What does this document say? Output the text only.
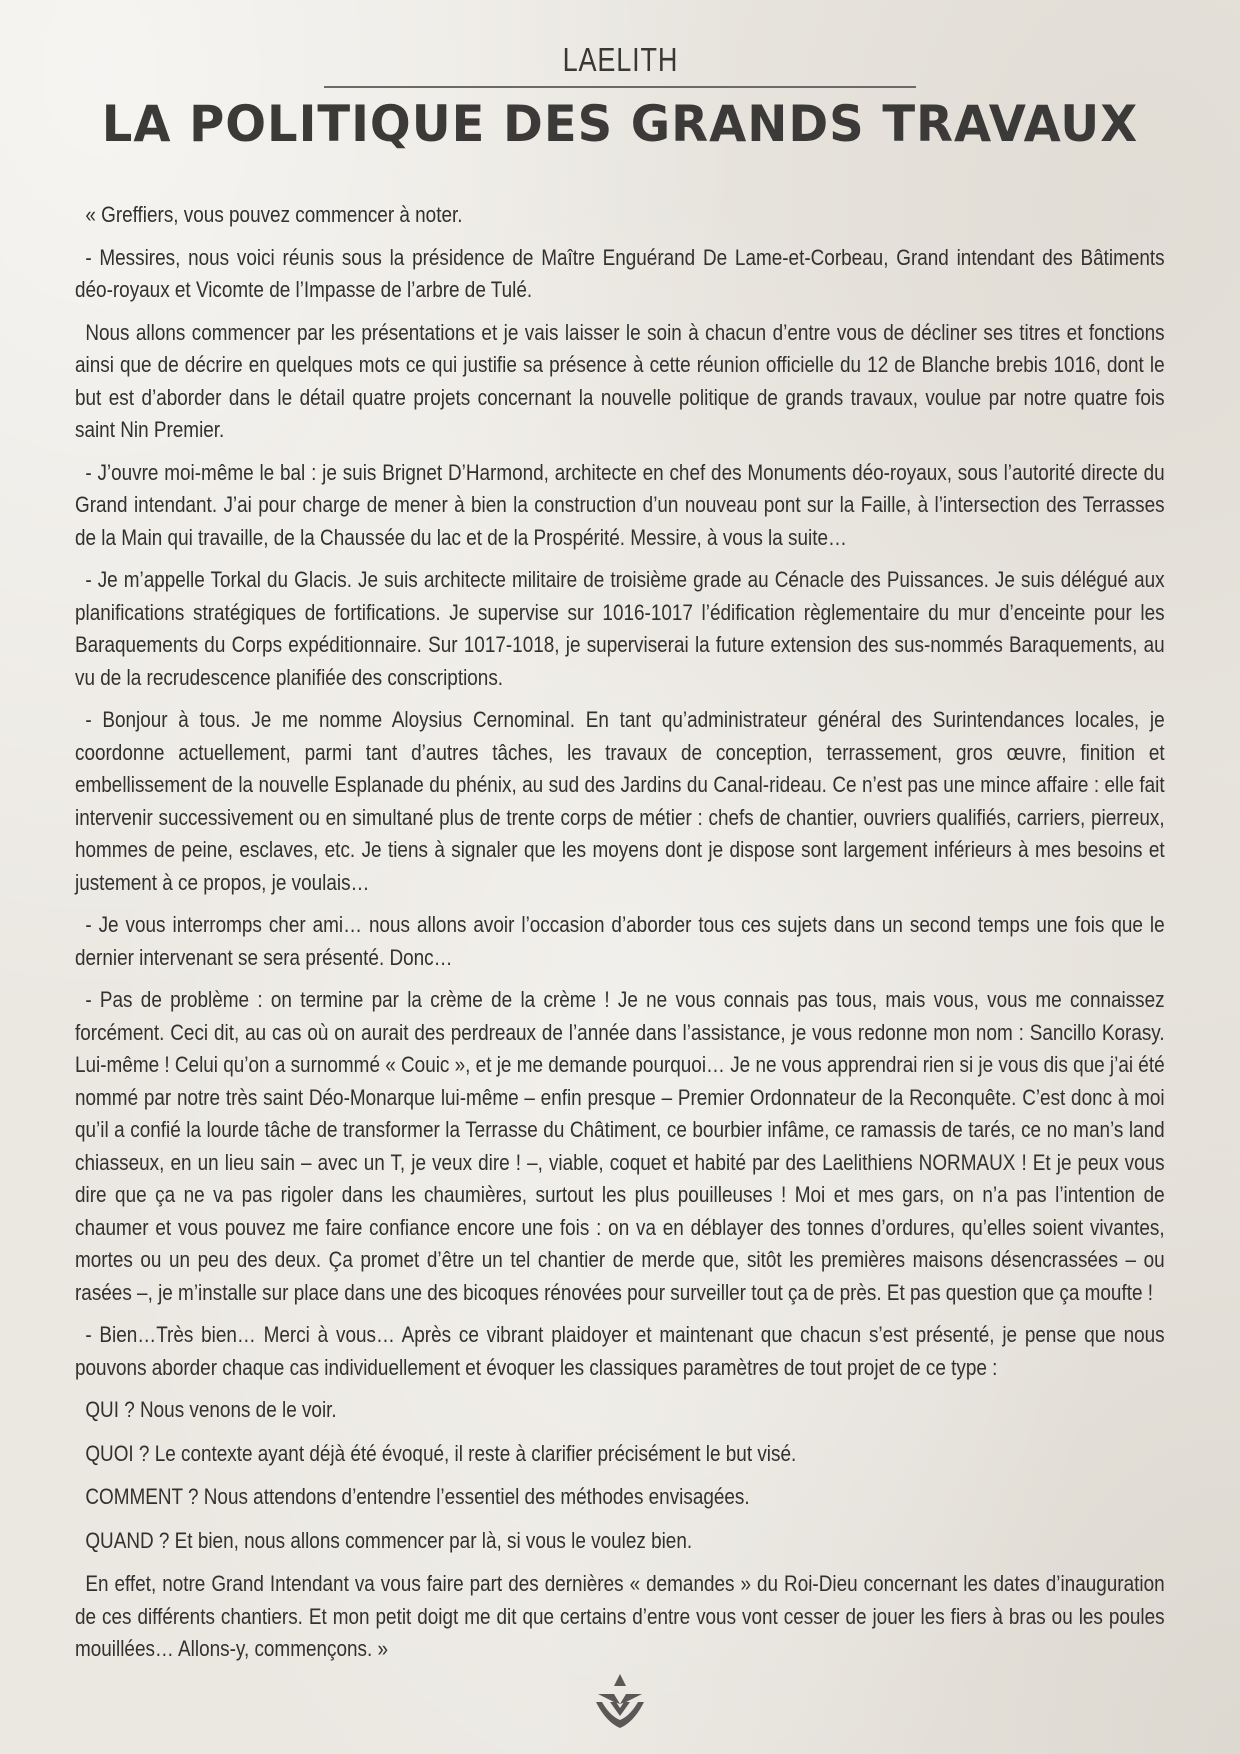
LAELITH
LA POLITIQUE DES GRANDS TRAVAUX

« Greffiers, vous pouvez commencer à noter.

- Messires, nous voici réunis sous la présidence de Maître Enguérand De Lame-et-Corbeau, Grand intendant des Bâtiments déo-royaux et Vicomte de l’Impasse de l’arbre de Tulé.

Nous allons commencer par les présentations et je vais laisser le soin à chacun d’entre vous de décliner ses titres et fonctions ainsi que de décrire en quelques mots ce qui justifie sa présence à cette réunion officielle du 12 de Blanche brebis 1016, dont le but est d’aborder dans le détail quatre projets concernant la nouvelle politique de grands travaux, voulue par notre quatre fois saint Nin Premier.

- J’ouvre moi-même le bal : je suis Brignet D’Harmond, architecte en chef des Monuments déo-royaux, sous l’autorité directe du Grand intendant. J’ai pour charge de mener à bien la construction d’un nouveau pont sur la Faille, à l’intersection des Terrasses de la Main qui travaille, de la Chaussée du lac et de la Prospérité. Messire, à vous la suite…

- Je m’appelle Torkal du Glacis. Je suis architecte militaire de troisième grade au Cénacle des Puissances. Je suis délégué aux planifications stratégiques de fortifications. Je supervise sur 1016-1017 l’édification règlementaire du mur d’enceinte pour les Baraquements du Corps expéditionnaire. Sur 1017-1018, je superviserai la future extension des sus-nommés Baraquements, au vu de la recrudescence planifiée des conscriptions.

- Bonjour à tous. Je me nomme Aloysius Cernominal. En tant qu’administrateur général des Surintendances locales, je coordonne actuellement, parmi tant d’autres tâches, les travaux de conception, terrassement, gros œuvre, finition et embellissement de la nouvelle Esplanade du phénix, au sud des Jardins du Canal-rideau. Ce n’est pas une mince affaire : elle fait intervenir successivement ou en simultané plus de trente corps de métier : chefs de chantier, ouvriers qualifiés, carriers, pierreux, hommes de peine, esclaves, etc. Je tiens à signaler que les moyens dont je dispose sont largement inférieurs à mes besoins et justement à ce propos, je voulais…

- Je vous interromps cher ami… nous allons avoir l’occasion d’aborder tous ces sujets dans un second temps une fois que le dernier intervenant se sera présenté. Donc…

- Pas de problème : on termine par la crème de la crème ! Je ne vous connais pas tous, mais vous, vous me connaissez forcément. Ceci dit, au cas où on aurait des perdreaux de l’année dans l’assistance, je vous redonne mon nom : Sancillo Korasy. Lui-même ! Celui qu’on a surnommé « Couic », et je me demande pourquoi… Je ne vous apprendrai rien si je vous dis que j’ai été nommé par notre très saint Déo-Monarque lui-même – enfin presque – Premier Ordonnateur de la Reconquête. C’est donc à moi qu’il a confié la lourde tâche de transformer la Terrasse du Châtiment, ce bourbier infâme, ce ramassis de tarés, ce no man’s land chiasseux, en un lieu sain – avec un T, je veux dire ! –, viable, coquet et habité par des Laelithiens NORMAUX ! Et je peux vous dire que ça ne va pas rigoler dans les chaumières, surtout les plus pouilleuses ! Moi et mes gars, on n’a pas l’intention de chaumer et vous pouvez me faire confiance encore une fois : on va en déblayer des tonnes d’ordures, qu’elles soient vivantes, mortes ou un peu des deux. Ça promet d’être un tel chantier de merde que, sitôt les premières maisons désencrassées – ou rasées –, je m’installe sur place dans une des bicoques rénovées pour surveiller tout ça de près. Et pas question que ça moufte !

- Bien…Très bien… Merci à vous… Après ce vibrant plaidoyer et maintenant que chacun s’est présenté, je pense que nous pouvons aborder chaque cas individuellement et évoquer les classiques paramètres de tout projet de ce type :

QUI ? Nous venons de le voir.

QUOI ? Le contexte ayant déjà été évoqué, il reste à clarifier précisément le but visé.

COMMENT ? Nous attendons d’entendre l’essentiel des méthodes envisagées.

QUAND ? Et bien, nous allons commencer par là, si vous le voulez bien.

En effet, notre Grand Intendant va vous faire part des dernières « demandes » du Roi-Dieu concernant les dates d’inauguration de ces différents chantiers. Et mon petit doigt me dit que certains d’entre vous vont cesser de jouer les fiers à bras ou les poules mouillées… Allons-y, commençons. »
